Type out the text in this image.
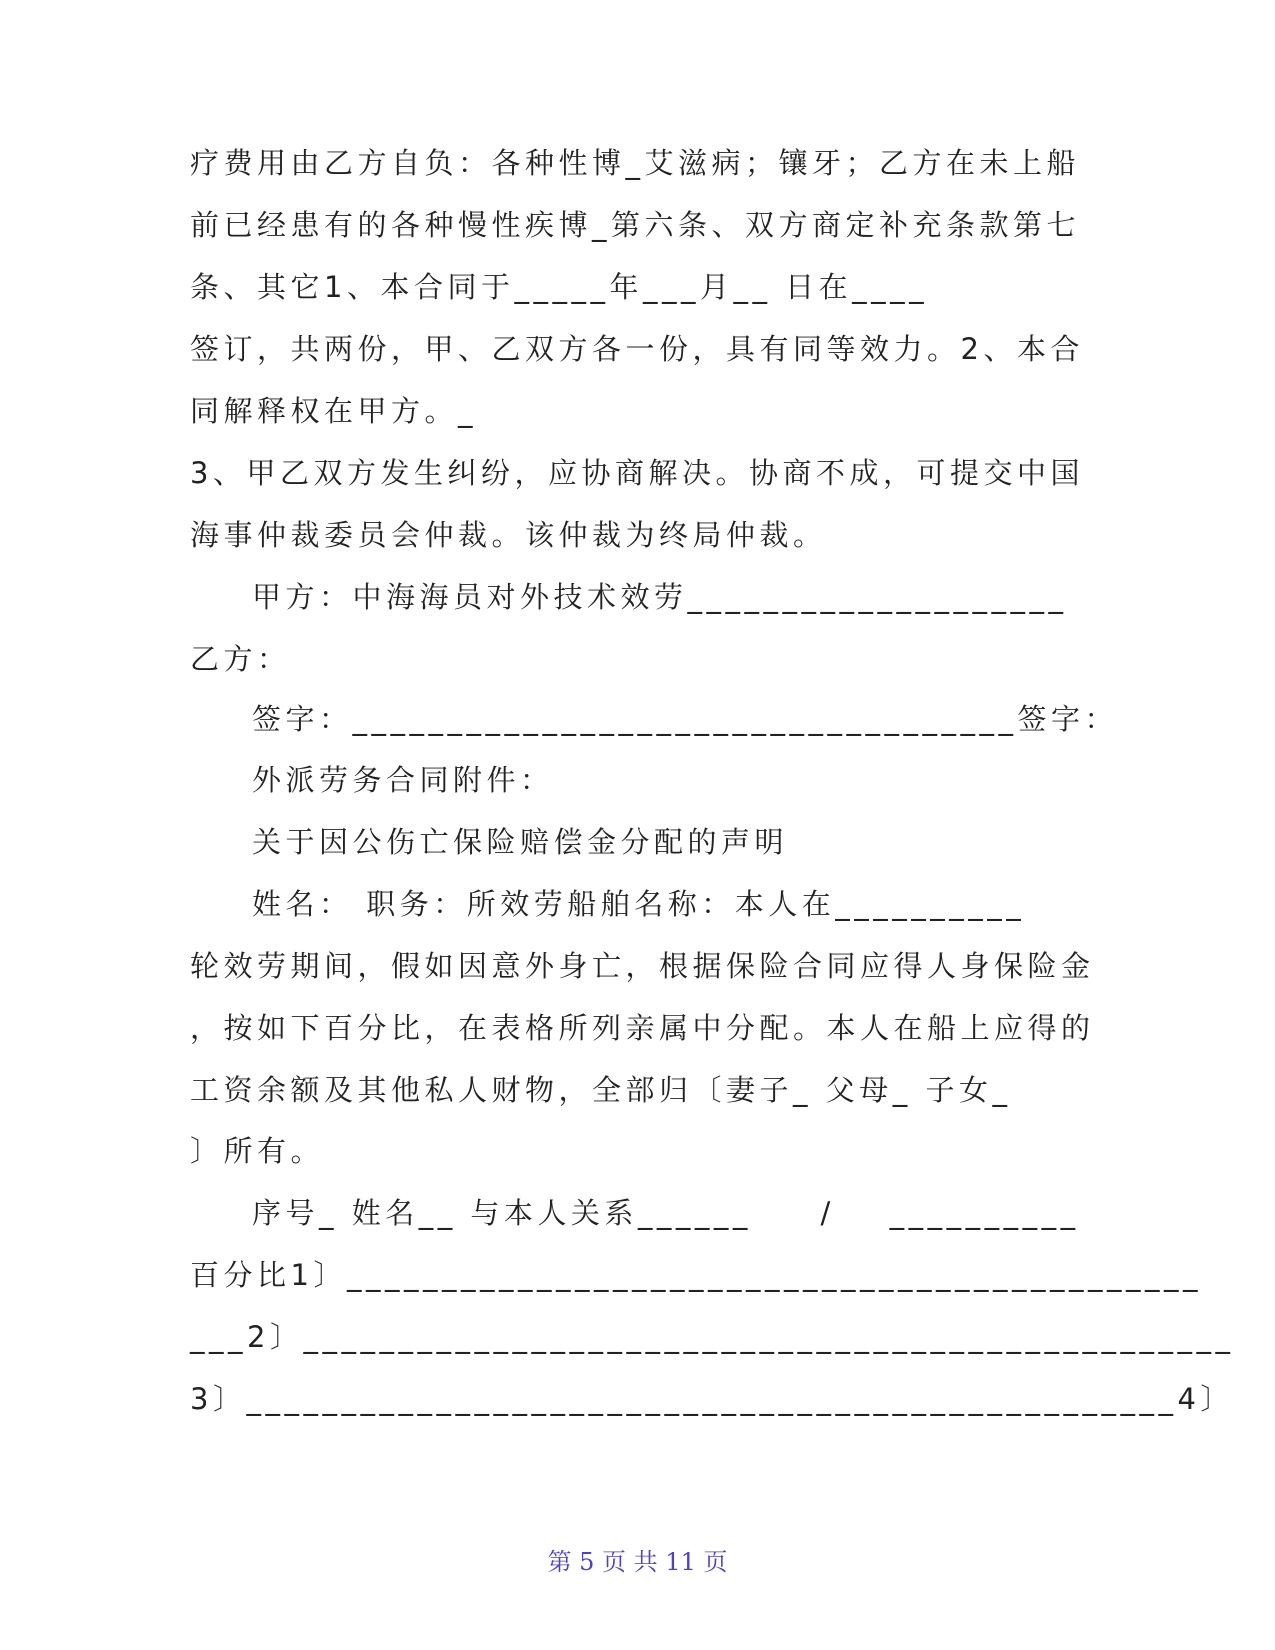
疗费用由乙方自负：各种性博_艾滋病；镶牙；乙方在未上船
前已经患有的各种慢性疾博_第六条、双方商定补充条款第七
条、其它1、本合同于_____年___月__ 日在____
签订，共两份，甲、乙双方各一份，具有同等效力。2、本合
同解释权在甲方。_
3、甲乙双方发生纠纷，应协商解决。协商不成，可提交中国
海事仲裁委员会仲裁。该仲裁为终局仲裁。
甲方：中海海员对外技术效劳____________________
乙方：
签字：___________________________________签字：
外派劳务合同附件：
关于因公伤亡保险赔偿金分配的声明
姓名： 职务：所效劳船舶名称：本人在__________
轮效劳期间，假如因意外身亡，根据保险合同应得人身保险金
，按如下百分比，在表格所列亲属中分配。本人在船上应得的
工资余额及其他私人财物，全部归〔妻子_ 父母_ 子女_
〕所有。
序号_ 姓名__ 与本人关系______     /    __________
百分比1〕_____________________________________________
___2〕_________________________________________________
3〕_________________________________________________4〕
第 5 页 共 11 页
